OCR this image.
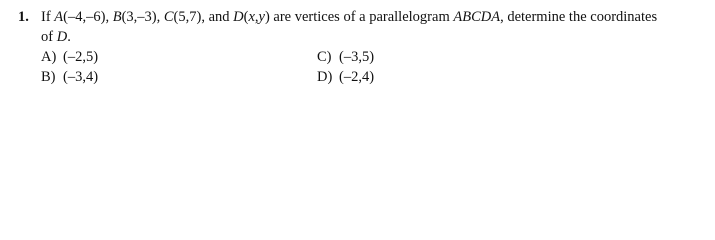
1. If A(–4,–6), B(3,–3), C(5,7), and D(x,y) are vertices of a parallelogram ABCDA, determine the coordinates
of D.
A) (–2,5)
B) (–3,4)
C) (–3,5)
D) (–2,4)
